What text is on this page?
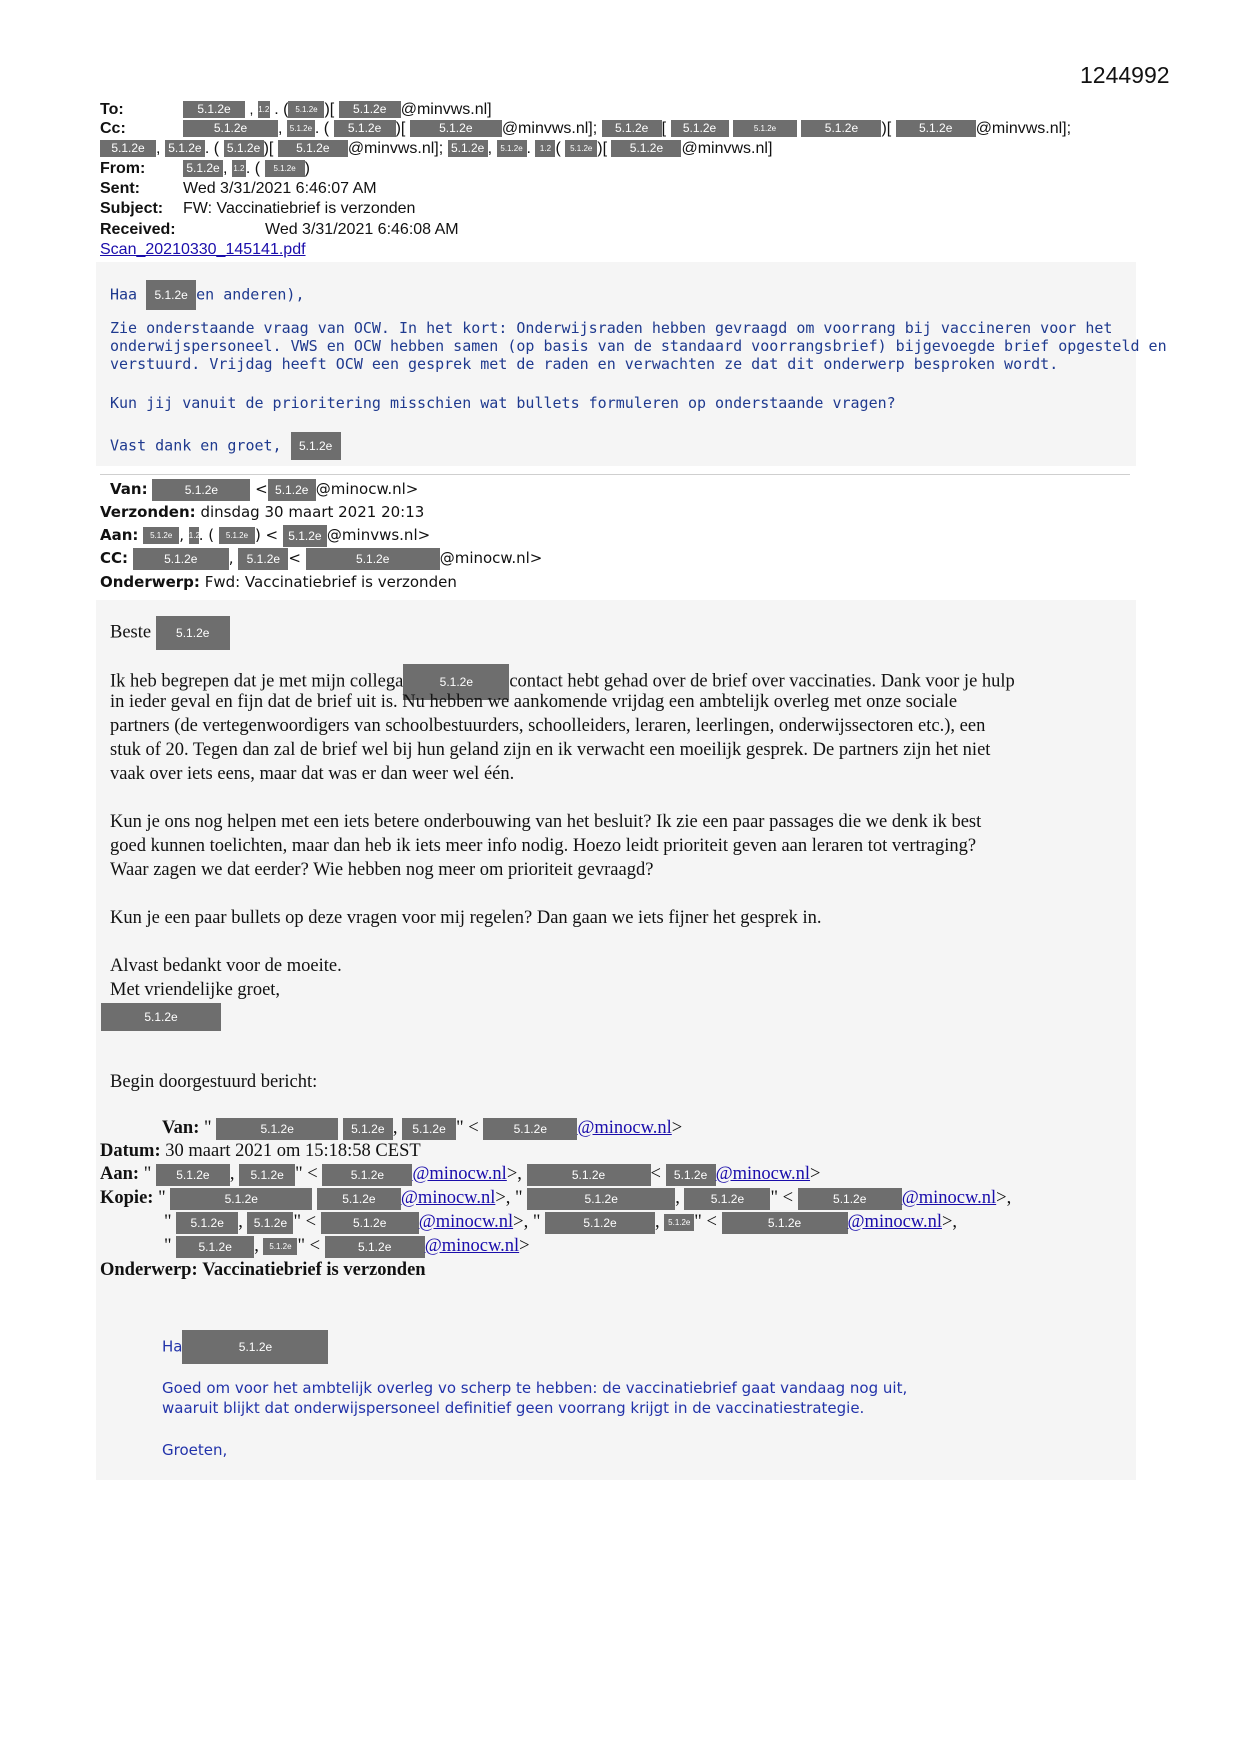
1244992
To:	5.1.2e , 1.2 . ( 5.1.2e )[ 5.1.2e @minvws.nl]
Cc:	5.1.2e , 5.1.2e . ( 5.1.2e )[	5.1.2e @minvws.nl]; 5.1.2e [ 5.1.2e	5.1.2e	5.1.2e )[ 5.1.2e @minvws.nl];
5.1.2e , 5.1.2e . ( 5.1.2e )[ 5.1.2e @minvws.nl]; 5.1.2e , 5.1.2e . 1.2 ( 5.1.2e )[ 5.1.2e @minvws.nl]
From:	5.1.2e , 1.2. ( 5.1.2e )
Sent:	Wed 3/31/2021 6:46:07 AM
Subject: FW: Vaccinatiebrief is verzonden
Received:	Wed 3/31/2021 6:46:08 AM
Scan_20210330_145141.pdf
Haa 5.1.2e en anderen),
Zie onderstaande vraag van OCW. In het kort: Onderwijsraden hebben gevraagd om voorrang bij vaccineren voor het
onderwijspersoneel. VWS en OCW hebben samen (op basis van de standaard voorrangsbrief) bijgevoegde brief opgesteld en
verstuurd. Vrijdag heeft OCW een gesprek met de raden en verwachten ze dat dit onderwerp besproken wordt.
Kun jij vanuit de prioritering misschien wat bullets formuleren op onderstaande vragen?
Vast dank en groet, 5.1.2e
Van:	5.1.2e < 5.1.2e @minocw.nl>
Verzonden: dinsdag 30 maart 2021 20:13
Aan: 5.1.2e , 1.2. ( 5.1.2e ) < 5.1.2e @minvws.nl>
CC:	5.1.2e , 5.1.2e <	5.1.2e	@minocw.nl>
Onderwerp: Fwd: Vaccinatiebrief is verzonden
Beste 5.1.2e
Ik heb begrepen dat je met mijn collega	5.1.2e contact hebt gehad over de brief over vaccinaties. Dank voor je hulp
in ieder geval en fijn dat de brief uit is. Nu hebben we aankomende vrijdag een ambtelijk overleg met onze sociale
partners (de vertegenwoordigers van schoolbestuurders, schoolleiders, leraren, leerlingen, onderwijssectoren etc.), een
stuk of 20. Tegen dan zal de brief wel bij hun geland zijn en ik verwacht een moeilijk gesprek. De partners zijn het niet
vaak over iets eens, maar dat was er dan weer wel één.
Kun je ons nog helpen met een iets betere onderbouwing van het besluit? Ik zie een paar passages die we denk ik best
goed kunnen toelichten, maar dan heb ik iets meer info nodig. Hoezo leidt prioriteit geven aan leraren tot vertraging?
Waar zagen we dat eerder? Wie hebben nog meer om prioriteit gevraagd?
Kun je een paar bullets op deze vragen voor mij regelen? Dan gaan we iets fijner het gesprek in.
Alvast bedankt voor de moeite.
Met vriendelijke groet,
5.1.2e
Begin doorgestuurd bericht:
Van: "	5.1.2e	5.1.2e , 5.1.2e " <	5.1.2e @minocw.nl>
Datum: 30 maart 2021 om 15:18:58 CEST
Aan: " 5.1.2e , 5.1.2e " <	5.1.2e @minocw.nl>,	5.1.2e < 5.1.2e @minocw.nl>
Kopie: "	5.1.2e	5.1.2e @minocw.nl>, "	5.1.2e	,	5.1.2e " <	5.1.2e @minocw.nl>,
" 5.1.2e , 5.1.2e " <	5.1.2e @minocw.nl>, "	5.1.2e , 5.1.2e " <	5.1.2e	@minocw.nl>,
" 5.1.2e , 5.1.2e " <	5.1.2e @minocw.nl>
Onderwerp: Vaccinatiebrief is verzonden
Ha	5.1.2e
Goed om voor het ambtelijk overleg vo scherp te hebben: de vaccinatiebrief gaat vandaag nog uit,
waaruit blijkt dat onderwijspersoneel definitief geen voorrang krijgt in de vaccinatiestrategie.
Groeten,
